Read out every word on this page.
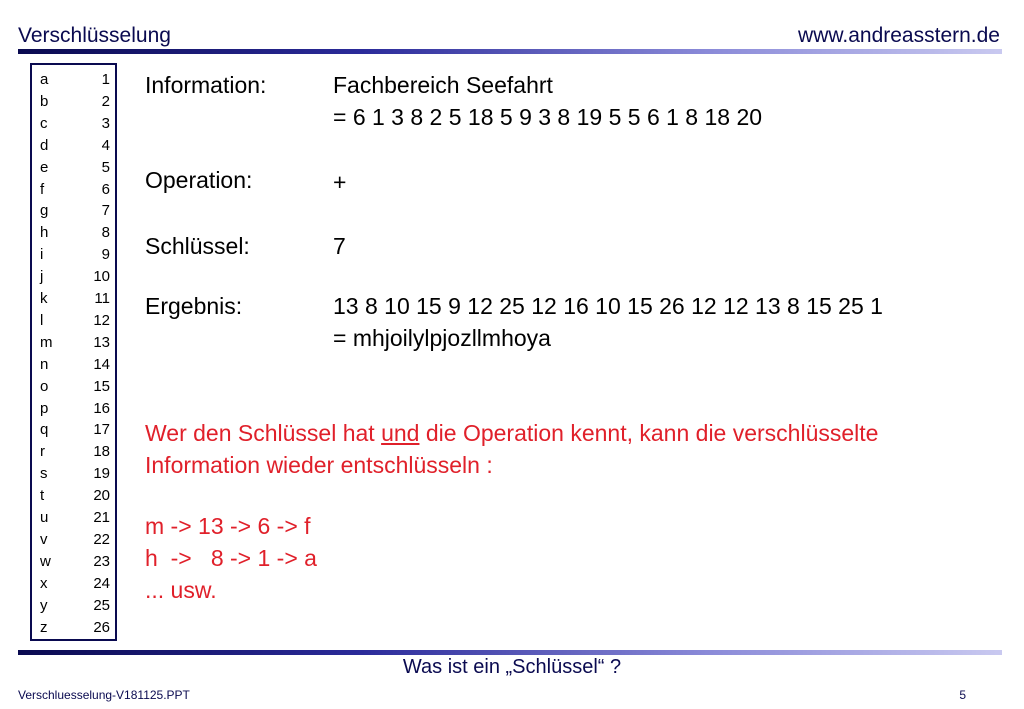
Verschlüsselung	www.andreasstern.de
a	1
b	2
c	3
d	4
e	5
f	6
g	7
h	8
i	9
j	10
k	11
l	12
m	13
n	14
o	15
p	16
q	17
r	18
s	19
t	20
u	21
v	22
w	23
x	24
y	25
z	26
Information:	Fachbereich Seefahrt
= 6 1 3 8 2 5 18 5 9 3 8 19 5 5 6 1 8 18 20
Operation:	+
Schlüssel:	7
Ergebnis:	13 8 10 15 9 12 25 12 16 10 15 26 12 12 13 8 15 25 1
= mhjoilylpjozllmhoya
Wer den Schlüssel hat und die Operation kennt, kann die verschlüsselte
Information wieder entschlüsseln :
m -> 13 -> 6 -> f
h  ->   8 -> 1 -> a
... usw.
Was ist ein „Schlüssel“ ?
Verschluesselung-V181125.PPT	5
